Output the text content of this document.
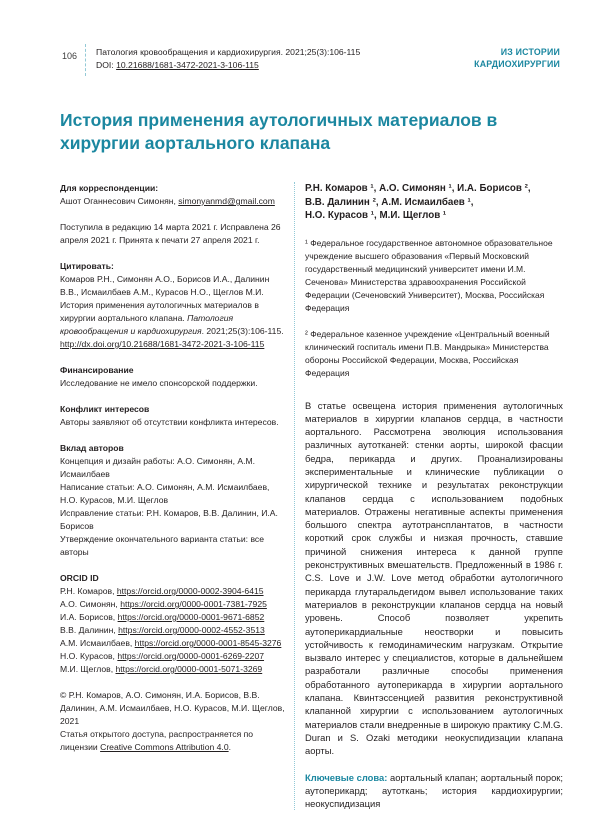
106 Патология кровообращения и кардиохирургия. 2021;25(3):106-115
DOI: 10.21688/1681-3472-2021-3-106-115
ИЗ ИСТОРИИ
КАРДИОХИРУРГИИ
История применения аутологичных материалов в хирургии аортального клапана
Для корреспонденции:
Ашот Оганнесович Симонян, simonyanmd@gmail.com
Поступила в редакцию 14 марта 2021 г. Исправлена 26 апреля 2021 г. Принята к печати 27 апреля 2021 г.
Цитировать:
Комаров Р.Н., Симонян А.О., Борисов И.А., Далинин В.В., Исмаилбаев А.М., Курасов Н.О., Щеглов М.И. История применения аутологичных материалов в хирургии аортального клапана. Патология кровообращения и кардиохирургия. 2021;25(3):106-115.
http://dx.doi.org/10.21688/1681-3472-2021-3-106-115
Финансирование
Исследование не имело спонсорской поддержки.
Конфликт интересов
Авторы заявляют об отсутствии конфликта интересов.
Вклад авторов
Концепция и дизайн работы: А.О. Симонян, А.М. Исмаилбаев
Написание статьи: А.О. Симонян, А.М. Исмаилбаев, Н.О. Курасов, М.И. Щеглов
Исправление статьи: Р.Н. Комаров, В.В. Далинин, И.А. Борисов
Утверждение окончательного варианта статьи: все авторы
ORCID ID
Р.Н. Комаров, https://orcid.org/0000-0002-3904-6415
А.О. Симонян, https://orcid.org/0000-0001-7381-7925
И.А. Борисов, https://orcid.org/0000-0001-9671-6852
В.В. Далинин, https://orcid.org/0000-0002-4552-3513
А.М. Исмаилбаев, https://orcid.org/0000-0001-8545-3276
Н.О. Курасов, https://orcid.org/0000-0001-6269-2207
М.И. Щеглов, https://orcid.org/0000-0001-5071-3269
© Р.Н. Комаров, А.О. Симонян, И.А. Борисов, В.В. Далинин, А.М. Исмаилбаев, Н.О. Курасов, М.И. Щеглов, 2021
Статья открытого доступа, распространяется по лицензии Creative Commons Attribution 4.0.
Р.Н. Комаров ¹, А.О. Симонян ¹, И.А. Борисов ²,
В.В. Далинин ², А.М. Исмаилбаев ¹,
Н.О. Курасов ¹, М.И. Щеглов ¹
¹ Федеральное государственное автономное образовательное учреждение высшего образования «Первый Московский государственный медицинский университет имени И.М. Сеченова» Министерства здравоохранения Российской Федерации (Сеченовский Университет), Москва, Российская Федерация
² Федеральное казенное учреждение «Центральный военный клинический госпиталь имени П.В. Мандрыка» Министерства обороны Российской Федерации, Москва, Российская Федерация
В статье освещена история применения аутологичных материалов в хирургии клапанов сердца, в частности аортального. Рассмотрена эволюция использования различных аутотканей: стенки аорты, широкой фасции бедра, перикарда и других. Проанализированы экспериментальные и клинические публикации о хирургической технике и результатах реконструкции клапанов сердца с использованием подобных материалов. Отражены негативные аспекты применения большого спектра аутотрансплантатов, в частности короткий срок службы и низкая прочность, ставшие причиной снижения интереса к данной группе реконструктивных вмешательств. Предложенный в 1986 г. C.S. Love и J.W. Love метод обработки аутологичного перикарда глутаральдегидом вывел использование таких материалов в реконструкции клапанов сердца на новый уровень. Способ позволяет укрепить аутоперикардиальные неостворки и повысить устойчивость к гемодинамическим нагрузкам. Открытие вызвало интерес у специалистов, которые в дальнейшем разработали различные способы применения обработанного аутоперикарда в хирургии аортального клапана. Квинтэссенцией развития реконструктивной клапанной хирургии с использованием аутологичных материалов стали внедренные в широкую практику C.M.G. Duran и S. Ozaki методики неокуспидизации клапана аорты.
Ключевые слова: аортальный клапан; аортальный порок; аутоперикард; аутоткань; история кардиохирургии; неокуспидизация
